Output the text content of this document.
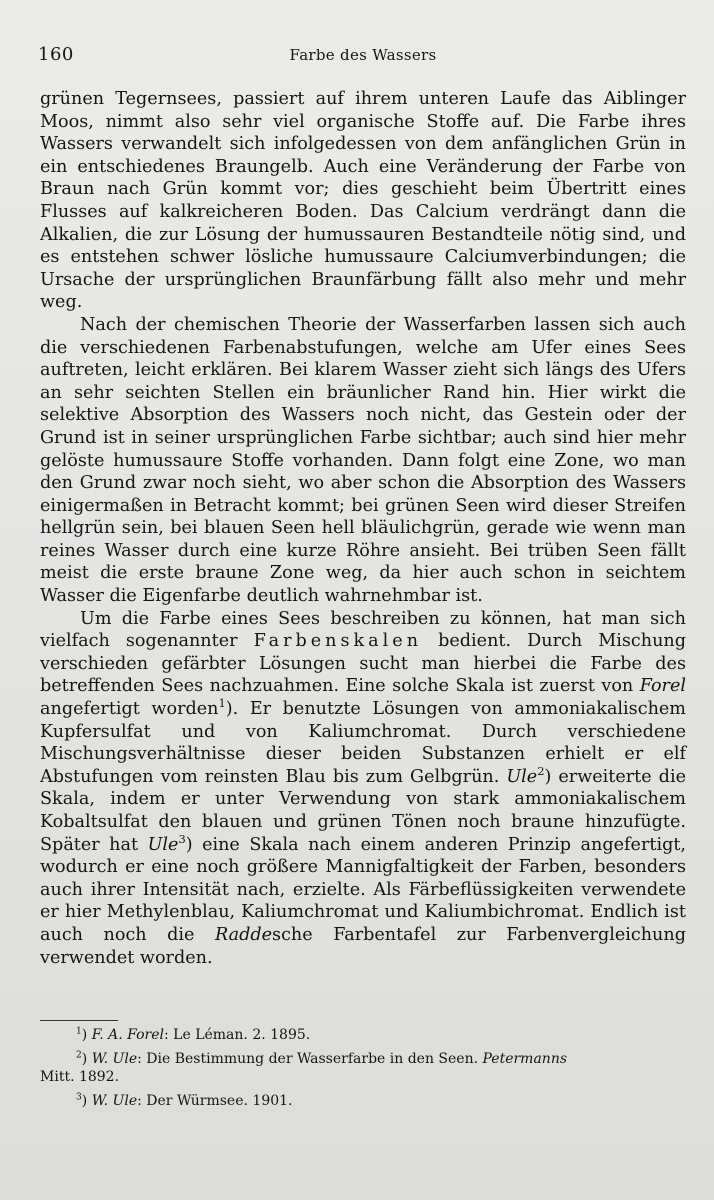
160	Farbe des Wassers

grünen Tegernsees, passiert auf ihrem unteren Laufe das Aiblinger Moos, nimmt also sehr viel organische Stoffe auf. Die Farbe ihres Wassers verwandelt sich infolgedessen von dem anfänglichen Grün in ein entschiedenes Braungelb. Auch eine Veränderung der Farbe von Braun nach Grün kommt vor; dies geschieht beim Übertritt eines Flusses auf kalkreicheren Boden. Das Calcium verdrängt dann die Alkalien, die zur Lösung der humussauren Bestandteile nötig sind, und es entstehen schwer lösliche humussaure Calciumverbindungen; die Ursache der ursprünglichen Braunfärbung fällt also mehr und mehr weg.

Nach der chemischen Theorie der Wasserfarben lassen sich auch die verschiedenen Farbenabstufungen, welche am Ufer eines Sees auftreten, leicht erklären. Bei klarem Wasser zieht sich längs des Ufers an sehr seichten Stellen ein bräunlicher Rand hin. Hier wirkt die selektive Absorption des Wassers noch nicht, das Gestein oder der Grund ist in seiner ursprünglichen Farbe sichtbar; auch sind hier mehr gelöste humussaure Stoffe vorhanden. Dann folgt eine Zone, wo man den Grund zwar noch sieht, wo aber schon die Absorption des Wassers einigermaßen in Betracht kommt; bei grünen Seen wird dieser Streifen hellgrün sein, bei blauen Seen hell bläulichgrün, gerade wie wenn man reines Wasser durch eine kurze Röhre ansieht. Bei trüben Seen fällt meist die erste braune Zone weg, da hier auch schon in seichtem Wasser die Eigenfarbe deutlich wahrnehmbar ist.

Um die Farbe eines Sees beschreiben zu können, hat man sich vielfach sogenannter Farbenskalen bedient. Durch Mischung verschieden gefärbter Lösungen sucht man hierbei die Farbe des betreffenden Sees nachzuahmen. Eine solche Skala ist zuerst von Forel angefertigt worden$^1$). Er benutzte Lösungen von ammoniakalischem Kupfersulfat und von Kaliumchromat. Durch verschiedene Mischungsverhältnisse dieser beiden Substanzen erhielt er elf Abstufungen vom reinsten Blau bis zum Gelbgrün. Ule$^2$) erweiterte die Skala, indem er unter Verwendung von stark ammoniakalischem Kobaltsulfat den blauen und grünen Tönen noch braune hinzufügte. Später hat Ule$^3$) eine Skala nach einem anderen Prinzip angefertigt, wodurch er eine noch größere Mannigfaltigkeit der Farben, besonders auch ihrer Intensität nach, erzielte. Als Färbeflüssigkeiten verwendete er hier Methylenblau, Kaliumchromat und Kaliumbichromat. Endlich ist auch noch die Raddesche Farbentafel zur Farbenvergleichung verwendet worden.

$^1$) F. A. Forel: Le Léman. 2. 1895.

$^2$) W. Ule: Die Bestimmung der Wasserfarbe in den Seen. Petermanns
Mitt. 1892.

$^3$) W. Ule: Der Würmsee. 1901.
